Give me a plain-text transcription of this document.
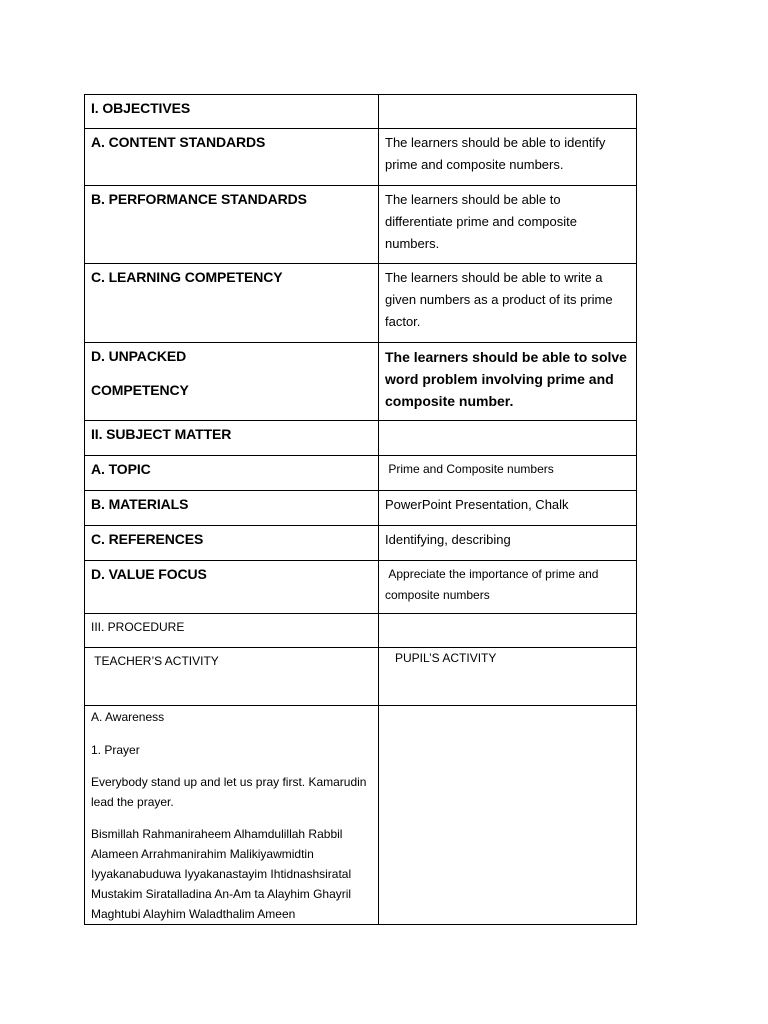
I. OBJECTIVES	

A. CONTENT STANDARDS	The learners should be able to identify prime and composite numbers.

B. PERFORMANCE STANDARDS	The learners should be able to differentiate prime and composite numbers.

C. LEARNING COMPETENCY	The learners should be able to write a given numbers as a product of its prime factor.

D. UNPACKED
COMPETENCY	The learners should be able to solve word problem involving prime and composite number.

II. SUBJECT MATTER	

A. TOPIC	Prime and Composite numbers

B. MATERIALS	PowerPoint Presentation, Chalk

C. REFERENCES	Identifying, describing

D. VALUE FOCUS	Appreciate the importance of prime and composite numbers

III. PROCEDURE	

TEACHER’S ACTIVITY	PUPIL’S ACTIVITY

A. Awareness

1. Prayer

Everybody stand up and let us pray first. Kamarudin lead the prayer.

Bismillah Rahmaniraheem Alhamdulillah Rabbil Alameen Arrahmanirahim Malikiyawmidtin Iyyakanabuduwa Iyyakanastayim Ihtidnashsiratal Mustakim Siratalladina An-Am ta Alayhim Ghayril Maghtubi Alayhim Waladthalim Ameen	
